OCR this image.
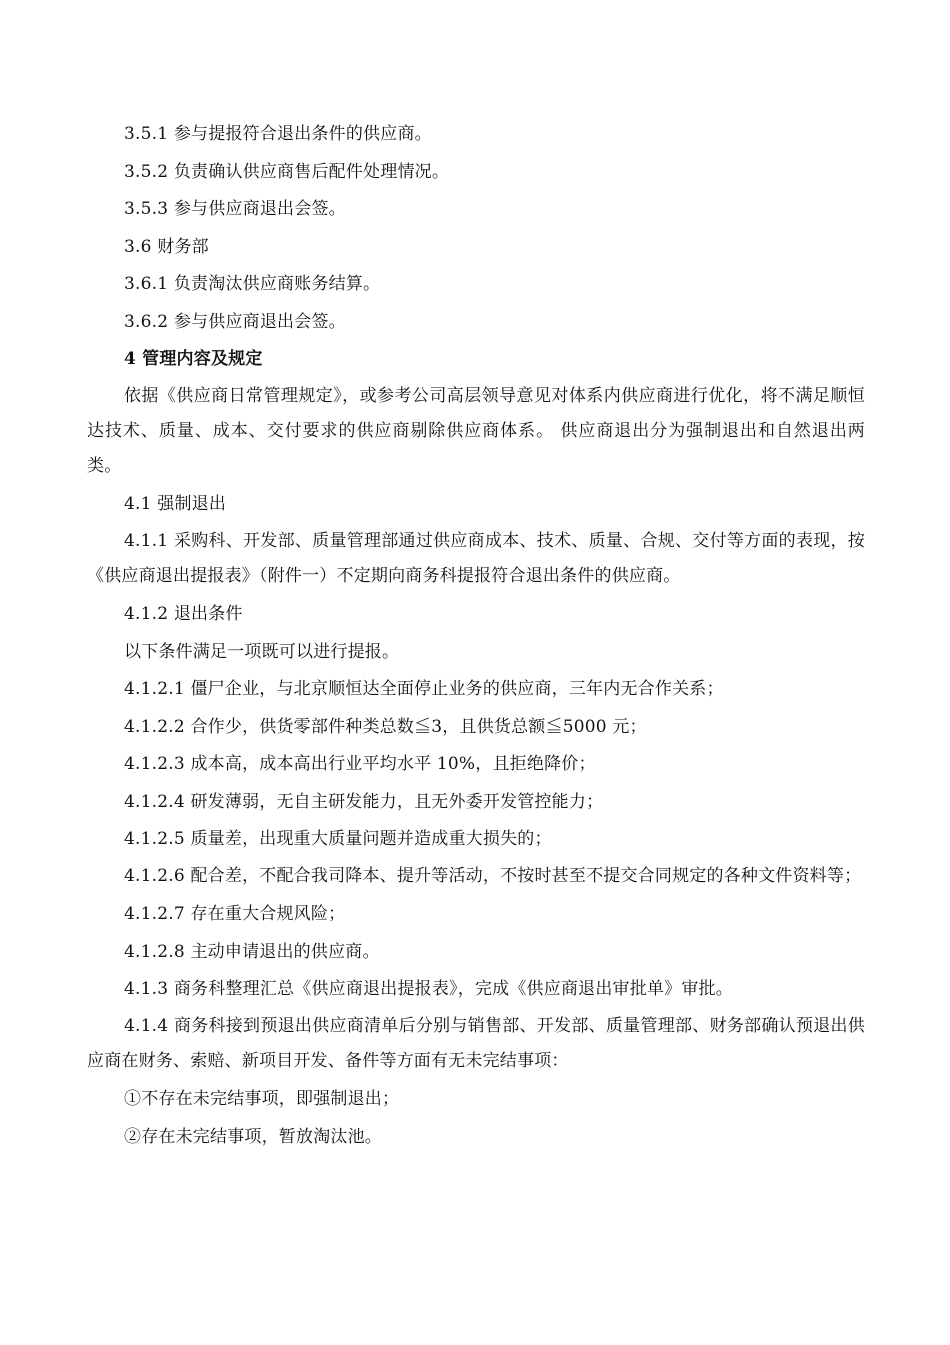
3.5.1 参与提报符合退出条件的供应商。

3.5.2 负责确认供应商售后配件处理情况。

3.5.3 参与供应商退出会签。

3.6 财务部

3.6.1 负责淘汰供应商账务结算。

3.6.2 参与供应商退出会签。

4 管理内容及规定

依据《供应商日常管理规定》，或参考公司高层领导意见对体系内供应商进行优化，将不满足顺恒达技术、质量、成本、交付要求的供应商剔除供应商体系。 供应商退出分为强制退出和自然退出两类。

4.1 强制退出

4.1.1 采购科、开发部、质量管理部通过供应商成本、技术、质量、合规、交付等方面的表现，按《供应商退出提报表》（附件一）不定期向商务科提报符合退出条件的供应商。

4.1.2 退出条件

以下条件满足一项既可以进行提报。

4.1.2.1 僵尸企业，与北京顺恒达全面停止业务的供应商，三年内无合作关系；

4.1.2.2 合作少，供货零部件种类总数≦3，且供货总额≦5000 元；

4.1.2.3 成本高，成本高出行业平均水平 10%，且拒绝降价；

4.1.2.4 研发薄弱，无自主研发能力，且无外委开发管控能力；

4.1.2.5 质量差，出现重大质量问题并造成重大损失的；

4.1.2.6 配合差，不配合我司降本、提升等活动，不按时甚至不提交合同规定的各种文件资料等；

4.1.2.7 存在重大合规风险；

4.1.2.8 主动申请退出的供应商。

4.1.3 商务科整理汇总《供应商退出提报表》，完成《供应商退出审批单》审批。

4.1.4 商务科接到预退出供应商清单后分别与销售部、开发部、质量管理部、财务部确认预退出供应商在财务、索赔、新项目开发、备件等方面有无未完结事项：

①不存在未完结事项，即强制退出；

②存在未完结事项，暂放淘汰池。
